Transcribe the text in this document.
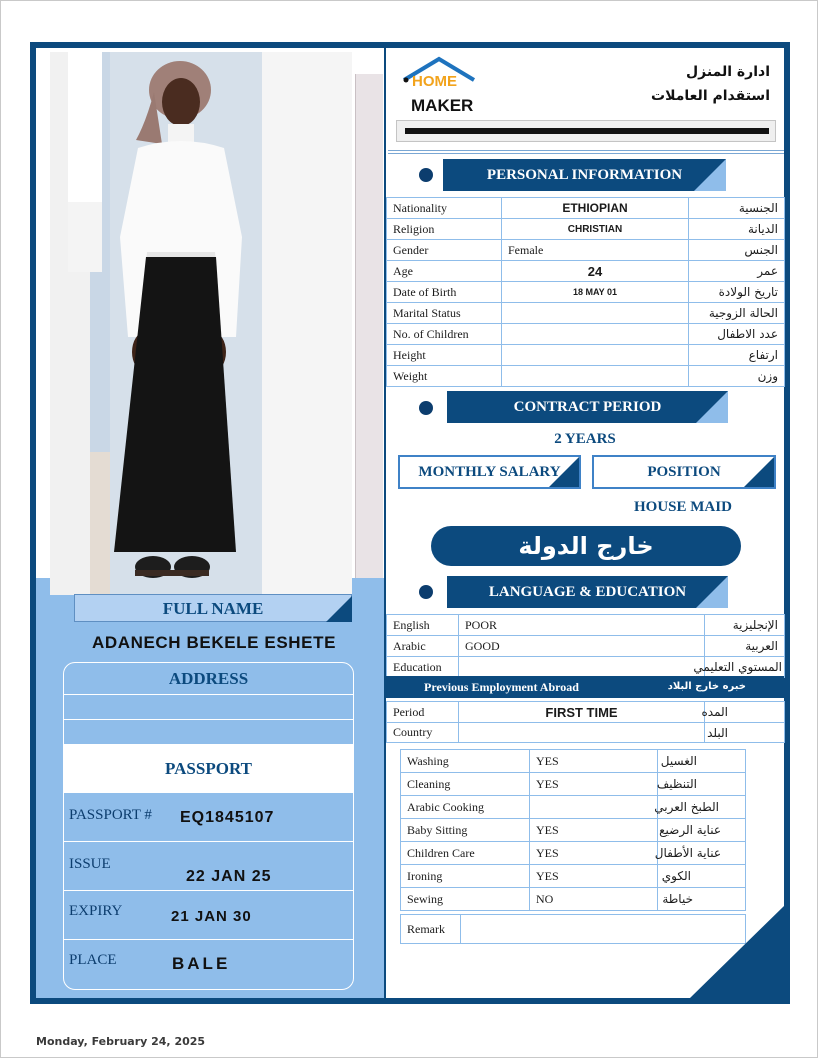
FULL NAME
ADANECH BEKELE ESHETE
ADDRESS
PASSPORT
PASSPORT # EQ1845107
ISSUE
22 JAN 25
EXPIRY	21 JAN 30
PLACE	BALE
HOME
MAKER
ادارة المنزل
استقدام العاملات
PERSONAL INFORMATION
Nationality	ETHIOPIAN	الجنسية
Religion	CHRISTIAN	الديانة
Gender	Female	الجنس
Age	24	عمر
Date of Birth	18 MAY 01	تاريخ الولادة
Marital Status		الحالة الزوجية
No. of Children		عدد الاطفال
Height		ارتفاع
Weight		وزن
CONTRACT PERIOD
2 YEARS
MONTHLY SALARY	POSITION
HOUSE MAID
خارج الدولة
LANGUAGE & EDUCATION
English	POOR	الإنجليزية
Arabic	GOOD	العربية
Education		المستوي التعليمي
Previous Employment Abroad	خبره خارج البلاد
Period	FIRST TIME	المده
Country		البلد
Washing	YES	الغسيل
Cleaning	YES	التنظيف
Arabic Cooking		الطبخ العربي
Baby Sitting	YES	عناية الرضيع
Children Care	YES	عناية الأطفال
Ironing	YES	الكوي
Sewing	NO	خياطة
Remark	
Monday, February 24, 2025
